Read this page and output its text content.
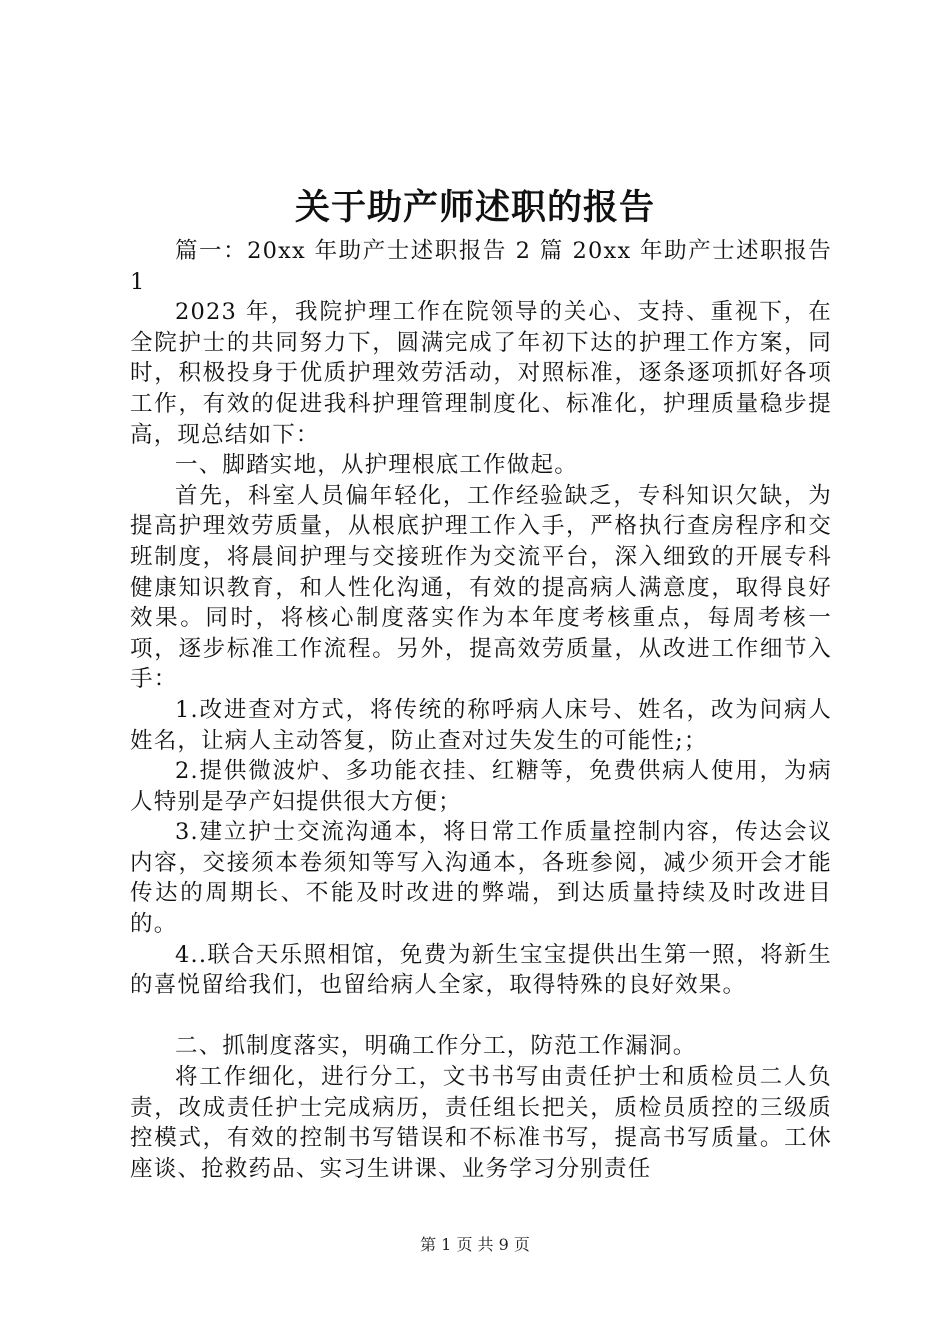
关于助产师述职的报告

篇一：20xx 年助产士述职报告 2 篇 20xx 年助产士述职报告 1

2023 年，我院护理工作在院领导的关心、支持、重视下，在全院护士的共同努力下，圆满完成了年初下达的护理工作方案，同时，积极投身于优质护理效劳活动，对照标准，逐条逐项抓好各项工作，有效的促进我科护理管理制度化、标准化，护理质量稳步提高，现总结如下：

一、脚踏实地，从护理根底工作做起。

首先，科室人员偏年轻化，工作经验缺乏，专科知识欠缺，为提高护理效劳质量，从根底护理工作入手，严格执行查房程序和交班制度，将晨间护理与交接班作为交流平台，深入细致的开展专科健康知识教育，和人性化沟通，有效的提高病人满意度，取得良好效果。同时，将核心制度落实作为本年度考核重点，每周考核一项，逐步标准工作流程。另外，提高效劳质量，从改进工作细节入手：

1.改进查对方式，将传统的称呼病人床号、姓名，改为问病人姓名，让病人主动答复，防止查对过失发生的可能性;；

2.提供微波炉、多功能衣挂、红糖等，免费供病人使用，为病人特别是孕产妇提供很大方便；

3.建立护士交流沟通本，将日常工作质量控制内容，传达会议内容，交接须本卷须知等写入沟通本，各班参阅，减少须开会才能传达的周期长、不能及时改进的弊端，到达质量持续及时改进目的。

4..联合天乐照相馆，免费为新生宝宝提供出生第一照，将新生的喜悦留给我们，也留给病人全家，取得特殊的良好效果。

二、抓制度落实，明确工作分工，防范工作漏洞。

将工作细化，进行分工，文书书写由责任护士和质检员二人负责，改成责任护士完成病历，责任组长把关，质检员质控的三级质控模式，有效的控制书写错误和不标准书写，提高书写质量。工休座谈、抢救药品、实习生讲课、业务学习分别责任

第 1 页 共 9 页
